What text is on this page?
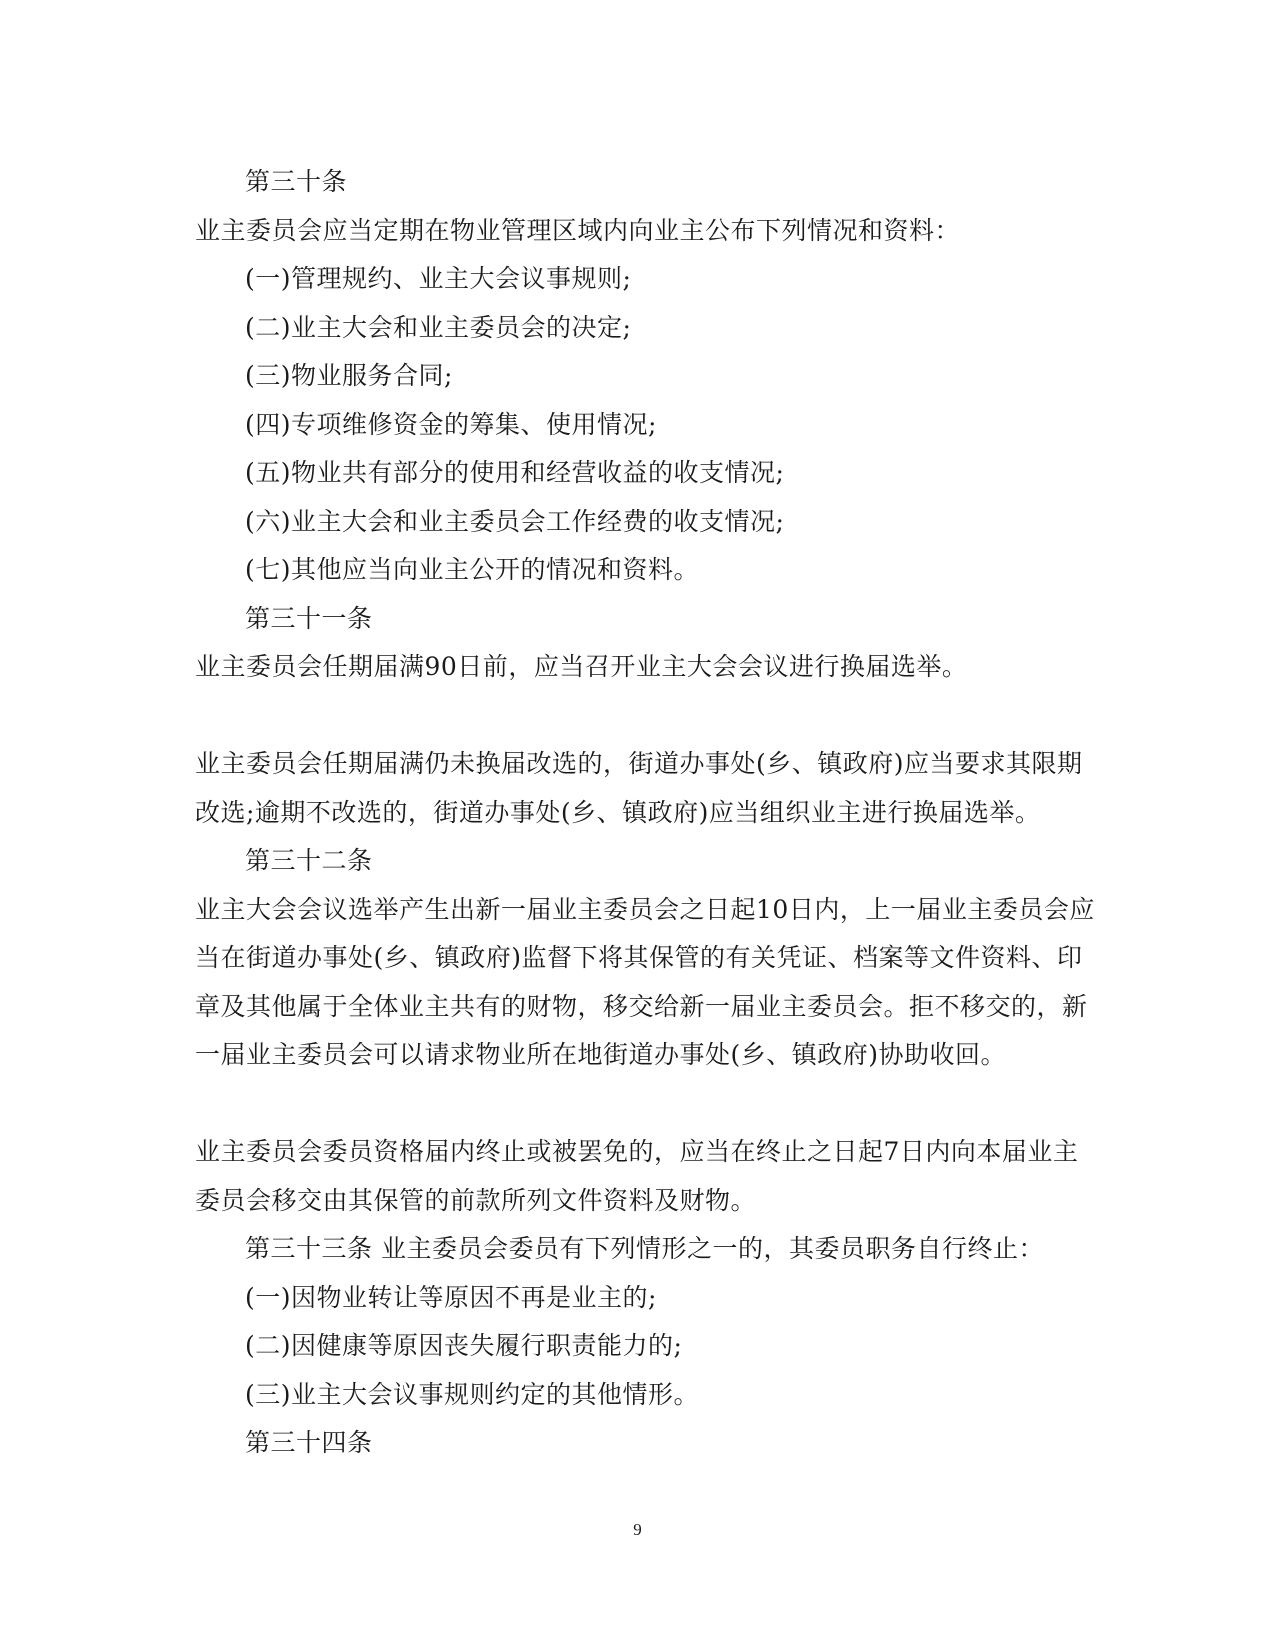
第三十条
业主委员会应当定期在物业管理区域内向业主公布下列情况和资料：
(一)管理规约、业主大会议事规则;
(二)业主大会和业主委员会的决定;
(三)物业服务合同;
(四)专项维修资金的筹集、使用情况;
(五)物业共有部分的使用和经营收益的收支情况;
(六)业主大会和业主委员会工作经费的收支情况;
(七)其他应当向业主公开的情况和资料。
第三十一条
业主委员会任期届满90日前，应当召开业主大会会议进行换届选举。
业主委员会任期届满仍未换届改选的，街道办事处(乡、镇政府)应当要求其限期
改选;逾期不改选的，街道办事处(乡、镇政府)应当组织业主进行换届选举。
第三十二条
业主大会会议选举产生出新一届业主委员会之日起10日内，上一届业主委员会应
当在街道办事处(乡、镇政府)监督下将其保管的有关凭证、档案等文件资料、印
章及其他属于全体业主共有的财物，移交给新一届业主委员会。拒不移交的，新
一届业主委员会可以请求物业所在地街道办事处(乡、镇政府)协助收回。
业主委员会委员资格届内终止或被罢免的，应当在终止之日起7日内向本届业主
委员会移交由其保管的前款所列文件资料及财物。
第三十三条 业主委员会委员有下列情形之一的，其委员职务自行终止：
(一)因物业转让等原因不再是业主的;
(二)因健康等原因丧失履行职责能力的;
(三)业主大会议事规则约定的其他情形。
第三十四条
9
